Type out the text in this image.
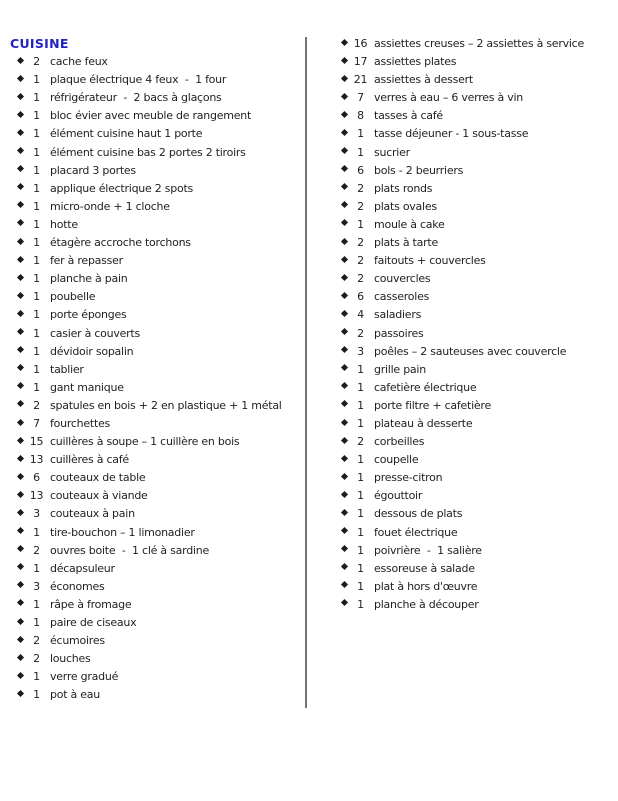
CUISINE
2 cache feux
1 plaque électrique 4 feux  -  1 four
1 réfrigérateur  -  2 bacs à glaçons
1 bloc évier avec meuble de rangement
1 élément cuisine haut 1 porte
1 élément cuisine bas 2 portes 2 tiroirs
1 placard 3 portes
1 applique électrique 2 spots
1 micro-onde + 1 cloche
1 hotte
1 étagère accroche torchons
1 fer à repasser
1 planche à pain
1 poubelle
1 porte éponges
1 casier à couverts
1 dévidoir sopalin
1 tablier
1 gant manique
2 spatules en bois + 2 en plastique + 1 métal
7 fourchettes
15 cuillères à soupe – 1 cuillère en bois
13 cuillères à café
6 couteaux de table
13 couteaux à viande
3 couteaux à pain
1 tire-bouchon – 1 limonadier
2 ouvres boite  -  1 clé à sardine
1 décapsuleur
3 économes
1 râpe à fromage
1 paire de ciseaux
2 écumoires
2 louches
1 verre gradué
1 pot à eau
16 assiettes creuses – 2 assiettes à service
17 assiettes plates
21 assiettes à dessert
7 verres à eau – 6 verres à vin
8 tasses à café
1 tasse déjeuner - 1 sous-tasse
1 sucrier
6 bols - 2 beurriers
2 plats ronds
2 plats ovales
1 moule à cake
2 plats à tarte
2 faitouts + couvercles
2 couvercles
6 casseroles
4 saladiers
2 passoires
3 poêles – 2 sauteuses avec couvercle
1 grille pain
1 cafetière électrique
1 porte filtre + cafetière
1 plateau à desserte
2 corbeilles
1 coupelle
1 presse-citron
1 égouttoir
1 dessous de plats
1 fouet électrique
1 poivrière  -  1 salière
1 essoreuse à salade
1 plat à hors d'œuvre
1 planche à découper
